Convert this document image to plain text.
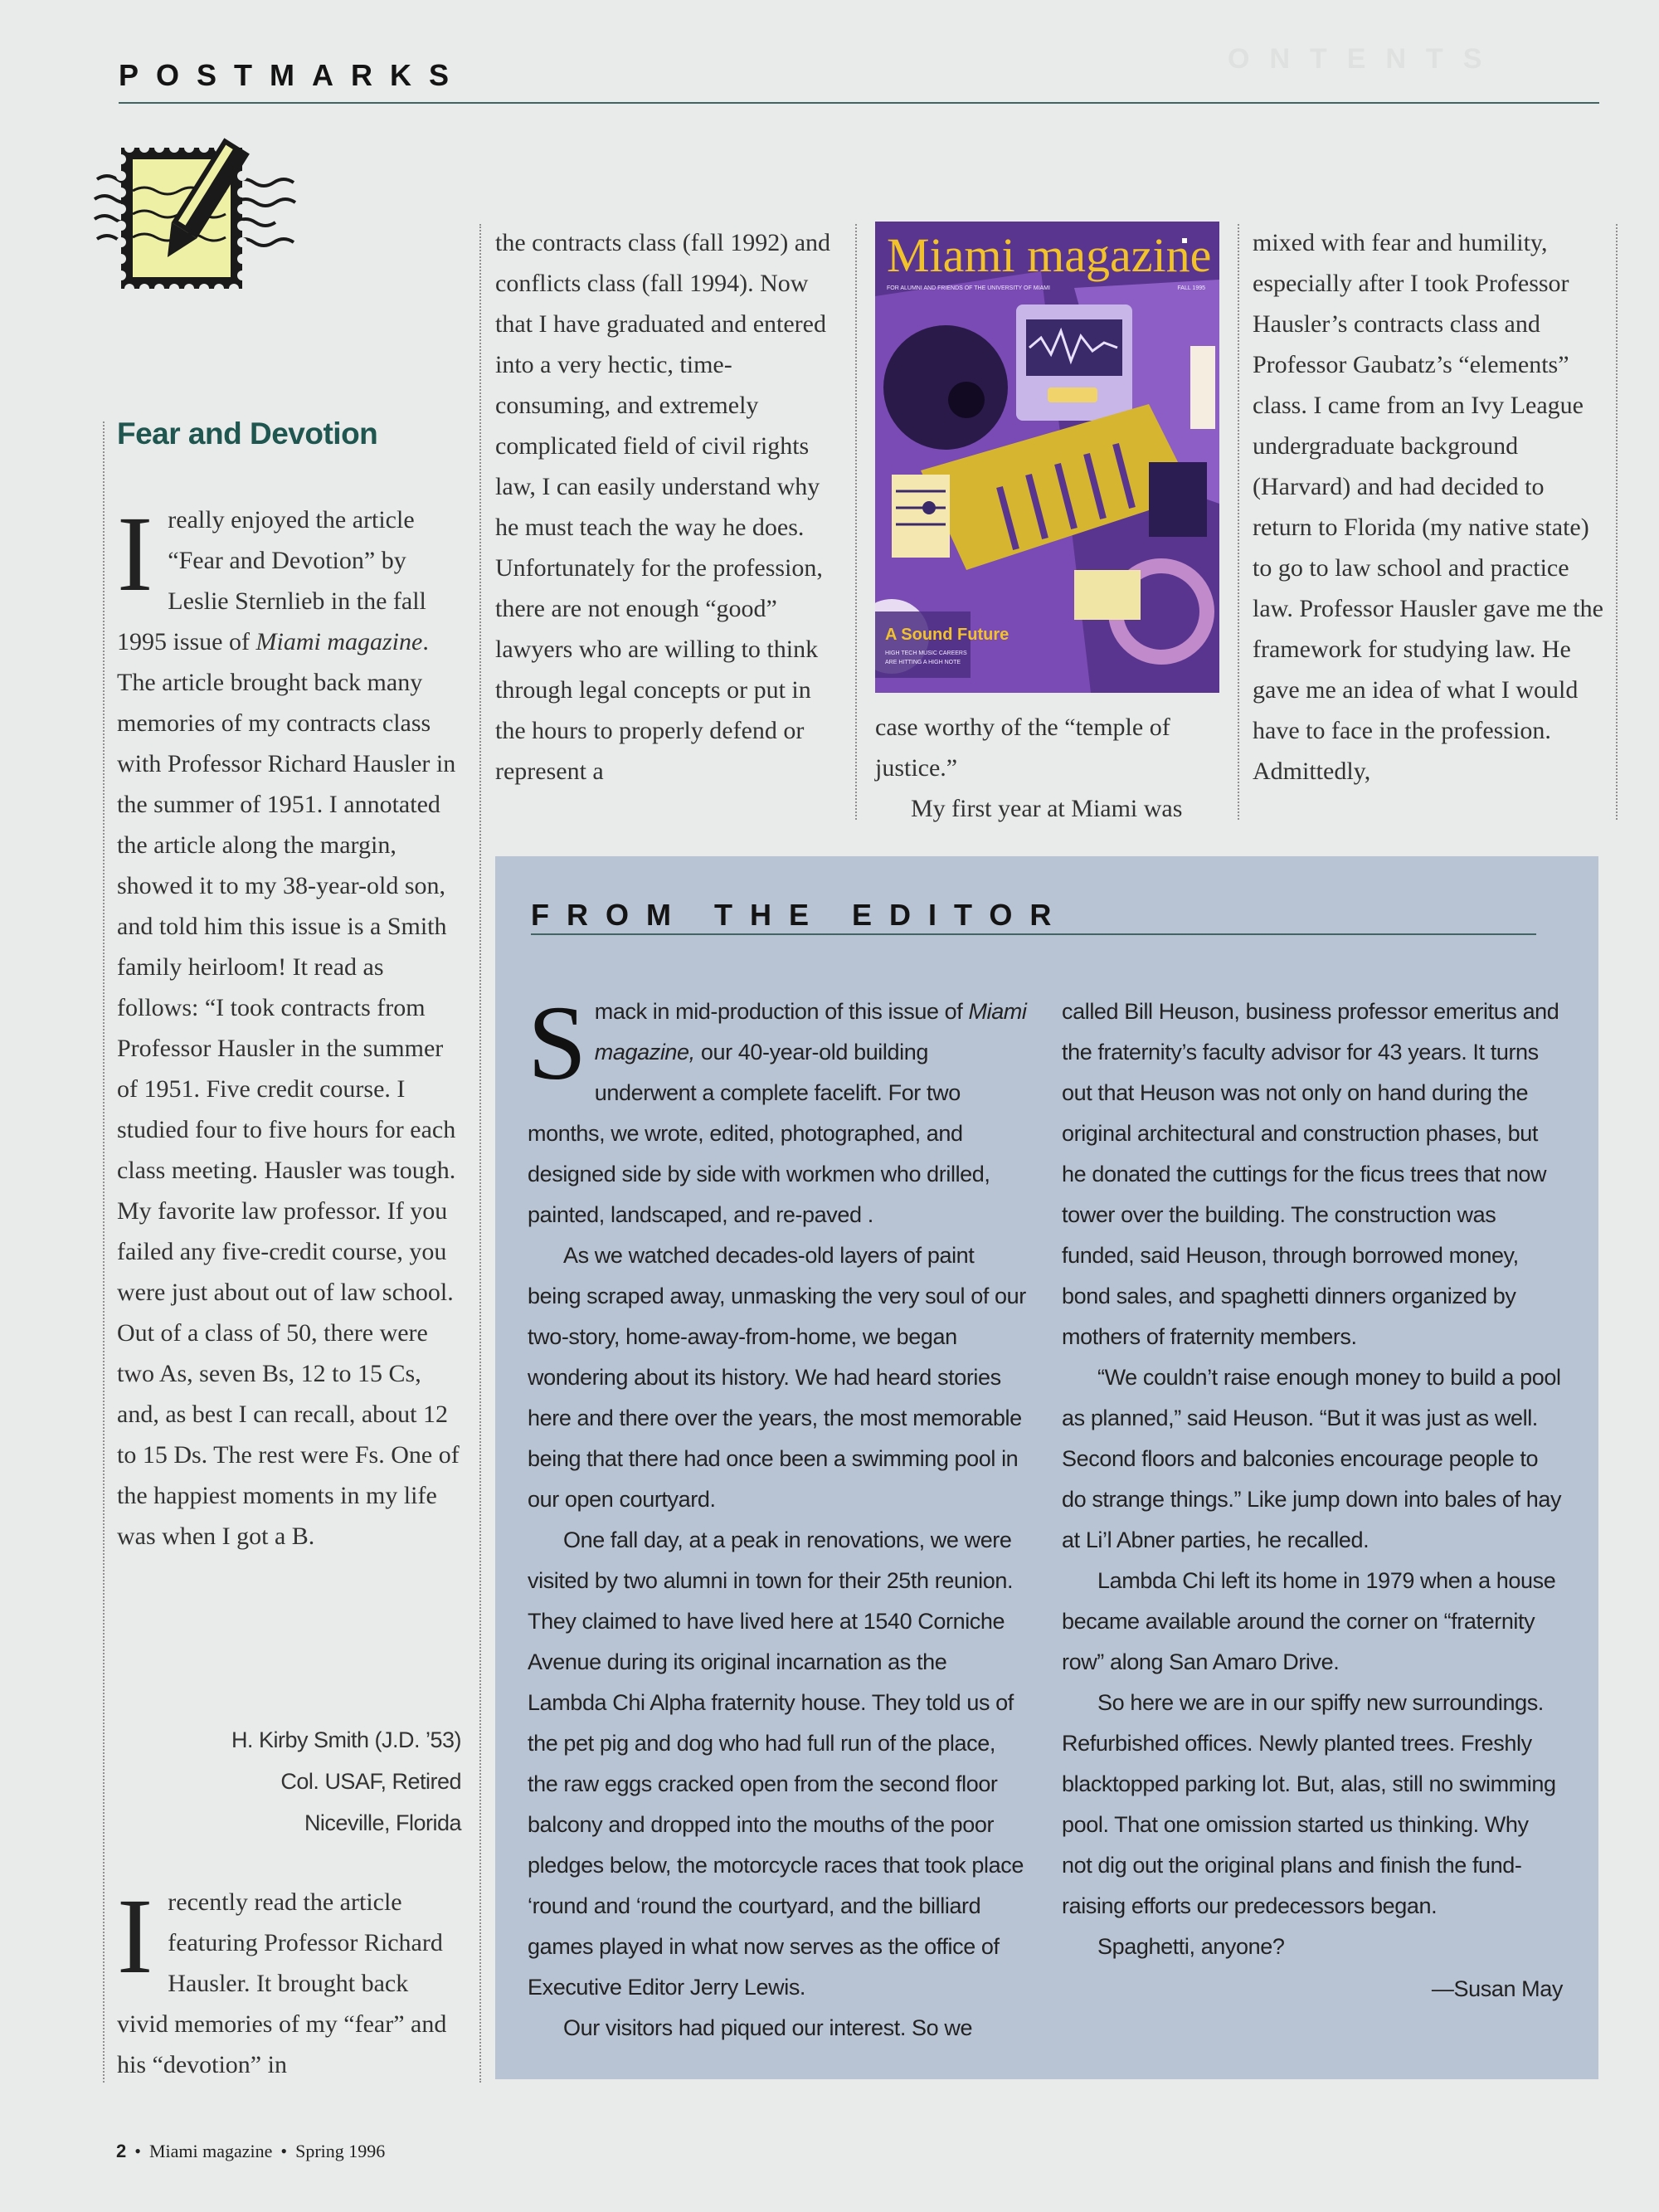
ONTENTS
POSTMARKS
Fear and Devotion

I really enjoyed the article “Fear and Devotion” by Leslie Sternlieb in the fall 1995 issue of Miami magazine. The article brought back many memories of my contracts class with Professor Richard Hausler in the summer of 1951. I annotated the article along the margin, showed it to my 38-year-old son, and told him this issue is a Smith family heirloom! It read as follows: “I took contracts from Professor Hausler in the summer of 1951. Five credit course. I studied four to five hours for each class meeting. Hausler was tough. My favorite law professor. If you failed any five-credit course, you were just about out of law school. Out of a class of 50, there were two As, seven Bs, 12 to 15 Cs, and, as best I can recall, about 12 to 15 Ds. The rest were Fs. One of the happiest moments in my life was when I got a B.

H. Kirby Smith (J.D. ’53)
Col. USAF, Retired
Niceville, Florida

I recently read the article featuring Professor Richard Hausler. It brought back vivid memories of my “fear” and his “devotion” in

the contracts class (fall 1992) and conflicts class (fall 1994). Now that I have graduated and entered into a very hectic, time-consuming, and extremely complicated field of civil rights law, I can easily understand why he must teach the way he does. Unfortunately for the profession, there are not enough “good” lawyers who are willing to think through legal concepts or put in the hours to properly defend or represent a

Miami magazine
FOR ALUMNI AND FRIENDS OF THE UNIVERSITY OF MIAMI	FALL 1995
A Sound Future
HIGH TECH MUSIC CAREERS
ARE HITTING A HIGH NOTE

case worthy of the “temple of justice.”

My first year at Miami was

mixed with fear and humility, especially after I took Professor Hausler’s contracts class and Professor Gaubatz’s “elements” class. I came from an Ivy League undergraduate background (Harvard) and had decided to return to Florida (my native state) to go to law school and practice law. Professor Hausler gave me the framework for studying law. He gave me an idea of what I would have to face in the profession. Admittedly,

FROM THE EDITOR

S mack in mid-production of this issue of Miami magazine, our 40-year-old building underwent a complete facelift. For two months, we wrote, edited, photographed, and designed side by side with workmen who drilled, painted, landscaped, and re-paved .

As we watched decades-old layers of paint being scraped away, unmasking the very soul of our two-story, home-away-from-home, we began wondering about its history. We had heard stories here and there over the years, the most memorable being that there had once been a swimming pool in our open courtyard.

One fall day, at a peak in renovations, we were visited by two alumni in town for their 25th reunion. They claimed to have lived here at 1540 Corniche Avenue during its original incarnation as the Lambda Chi Alpha fraternity house. They told us of the pet pig and dog who had full run of the place, the raw eggs cracked open from the second floor balcony and dropped into the mouths of the poor pledges below, the motorcycle races that took place ‘round and ‘round the courtyard, and the billiard games played in what now serves as the office of Executive Editor Jerry Lewis.

Our visitors had piqued our interest. So we

called Bill Heuson, business professor emeritus and the fraternity’s faculty advisor for 43 years. It turns out that Heuson was not only on hand during the original architectural and construction phases, but he donated the cuttings for the ficus trees that now tower over the building. The construction was funded, said Heuson, through borrowed money, bond sales, and spaghetti dinners organized by mothers of fraternity members.

“We couldn’t raise enough money to build a pool as planned,” said Heuson. “But it was just as well. Second floors and balconies encourage people to do strange things.” Like jump down into bales of hay at Li’l Abner parties, he recalled.

Lambda Chi left its home in 1979 when a house became available around the corner on “fraternity row” along San Amaro Drive.

So here we are in our spiffy new surroundings. Refurbished offices. Newly planted trees. Freshly blacktopped parking lot. But, alas, still no swimming pool. That one omission started us thinking. Why not dig out the original plans and finish the fund-raising efforts our predecessors began.

Spaghetti, anyone?

—Susan May

2 • Miami magazine • Spring 1996
